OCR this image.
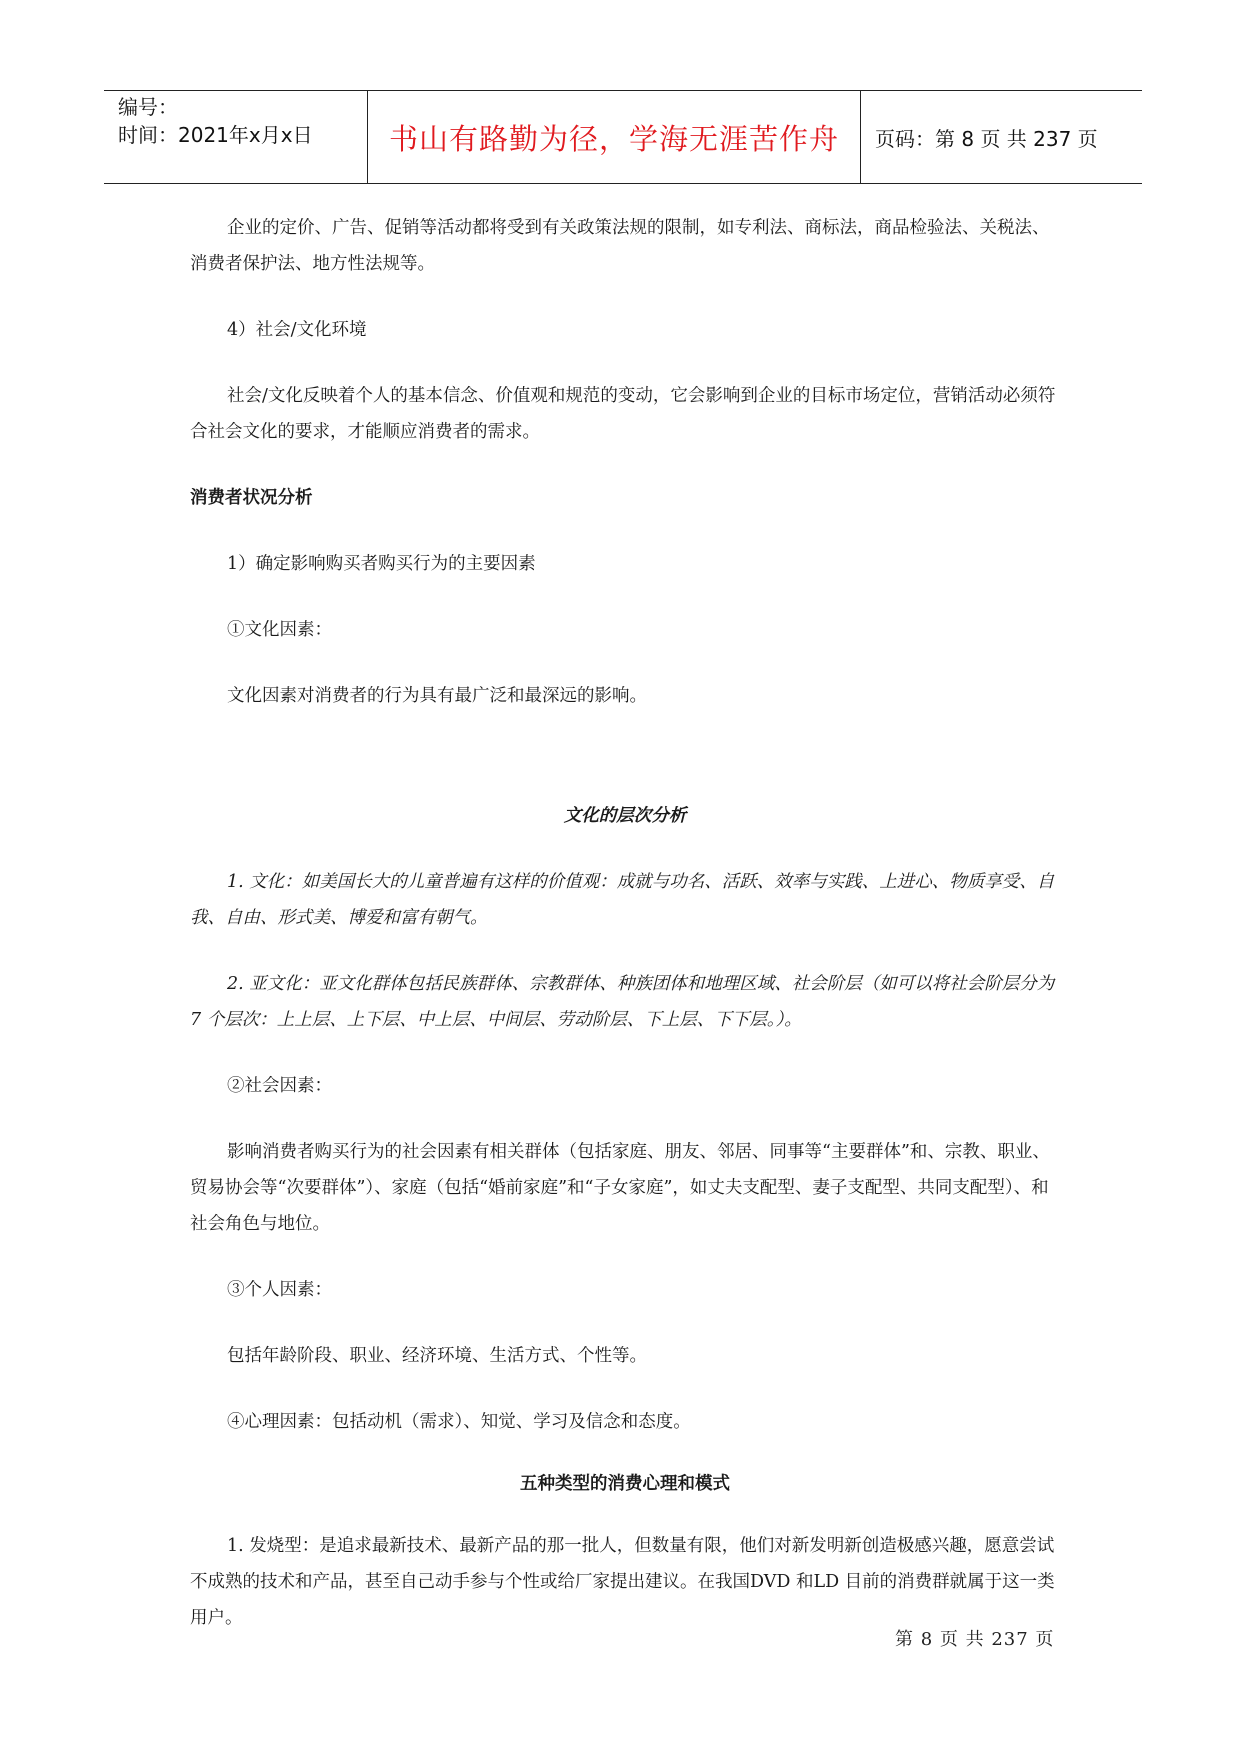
编号：
时间：2021年x月x日	书山有路勤为径，学海无涯苦作舟	页码：第 8 页 共 237 页

企业的定价、广告、促销等活动都将受到有关政策法规的限制，如专利法、商标法，商品检验法、关税法、消费者保护法、地方性法规等。

4）社会/文化环境

社会/文化反映着个人的基本信念、价值观和规范的变动，它会影响到企业的目标市场定位，营销活动必须符合社会文化的要求，才能顺应消费者的需求。

消费者状况分析

1）确定影响购买者购买行为的主要因素

①文化因素：

文化因素对消费者的行为具有最广泛和最深远的影响。

文化的层次分析

1. 文化：如美国长大的儿童普遍有这样的价值观：成就与功名、活跃、效率与实践、上进心、物质享受、自我、自由、形式美、博爱和富有朝气。

2. 亚文化：亚文化群体包括民族群体、宗教群体、种族团体和地理区域、社会阶层（如可以将社会阶层分为7 个层次：上上层、上下层、中上层、中间层、劳动阶层、下上层、下下层。）。

②社会因素：

影响消费者购买行为的社会因素有相关群体（包括家庭、朋友、邻居、同事等“主要群体”和、宗教、职业、贸易协会等“次要群体”）、家庭（包括“婚前家庭”和“子女家庭”，如丈夫支配型、妻子支配型、共同支配型）、和社会角色与地位。

③个人因素：

包括年龄阶段、职业、经济环境、生活方式、个性等。

④心理因素：包括动机（需求）、知觉、学习及信念和态度。

五种类型的消费心理和模式

1. 发烧型：是追求最新技术、最新产品的那一批人，但数量有限，他们对新发明新创造极感兴趣，愿意尝试不成熟的技术和产品，甚至自己动手参与个性或给厂家提出建议。在我国DVD 和LD 目前的消费群就属于这一类用户。

第 8 页 共 237 页
